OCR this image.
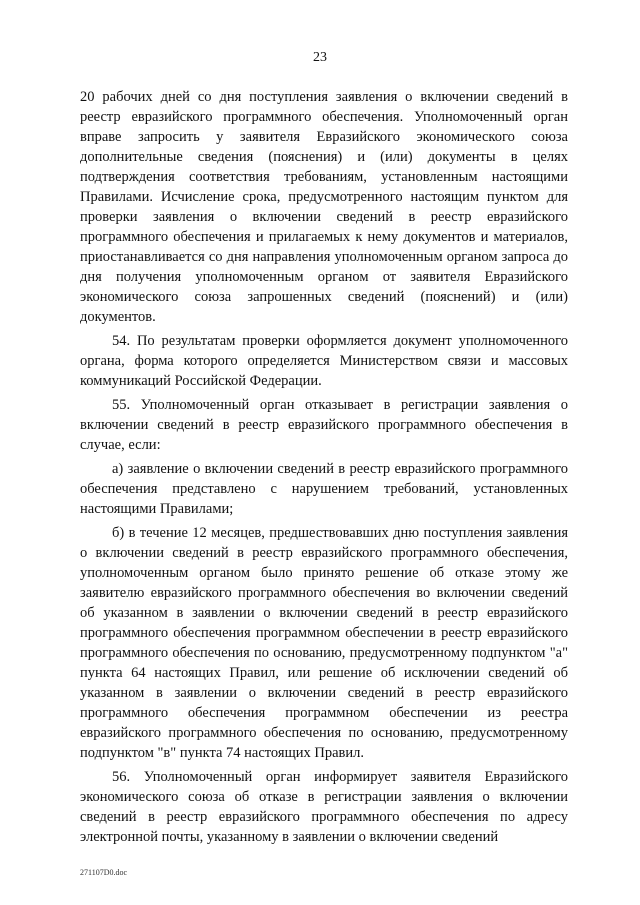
23

20 рабочих дней со дня поступления заявления о включении сведений в реестр евразийского программного обеспечения. Уполномоченный орган вправе запросить у заявителя Евразийского экономического союза дополнительные сведения (пояснения) и (или) документы в целях подтверждения соответствия требованиям, установленным настоящими Правилами. Исчисление срока, предусмотренного настоящим пунктом для проверки заявления о включении сведений в реестр евразийского программного обеспечения и прилагаемых к нему документов и материалов, приостанавливается со дня направления уполномоченным органом запроса до дня получения уполномоченным органом от заявителя Евразийского экономического союза запрошенных сведений (пояснений) и (или) документов.

54. По результатам проверки оформляется документ уполномоченного органа, форма которого определяется Министерством связи и массовых коммуникаций Российской Федерации.

55. Уполномоченный орган отказывает в регистрации заявления о включении сведений в реестр евразийского программного обеспечения в случае, если:

а) заявление о включении сведений в реестр евразийского программного обеспечения представлено с нарушением требований, установленных настоящими Правилами;

б) в течение 12 месяцев, предшествовавших дню поступления заявления о включении сведений в реестр евразийского программного обеспечения, уполномоченным органом было принято решение об отказе этому же заявителю евразийского программного обеспечения во включении сведений об указанном в заявлении о включении сведений в реестр евразийского программного обеспечения программном обеспечении в реестр евразийского программного обеспечения по основанию, предусмотренному подпунктом "а" пункта 64 настоящих Правил, или решение об исключении сведений об указанном в заявлении о включении сведений в реестр евразийского программного обеспечения программном обеспечении из реестра евразийского программного обеспечения по основанию, предусмотренному подпунктом "в" пункта 74 настоящих Правил.

56. Уполномоченный орган информирует заявителя Евразийского экономического союза об отказе в регистрации заявления о включении сведений в реестр евразийского программного обеспечения по адресу электронной почты, указанному в заявлении о включении сведений

271107D0.doc
